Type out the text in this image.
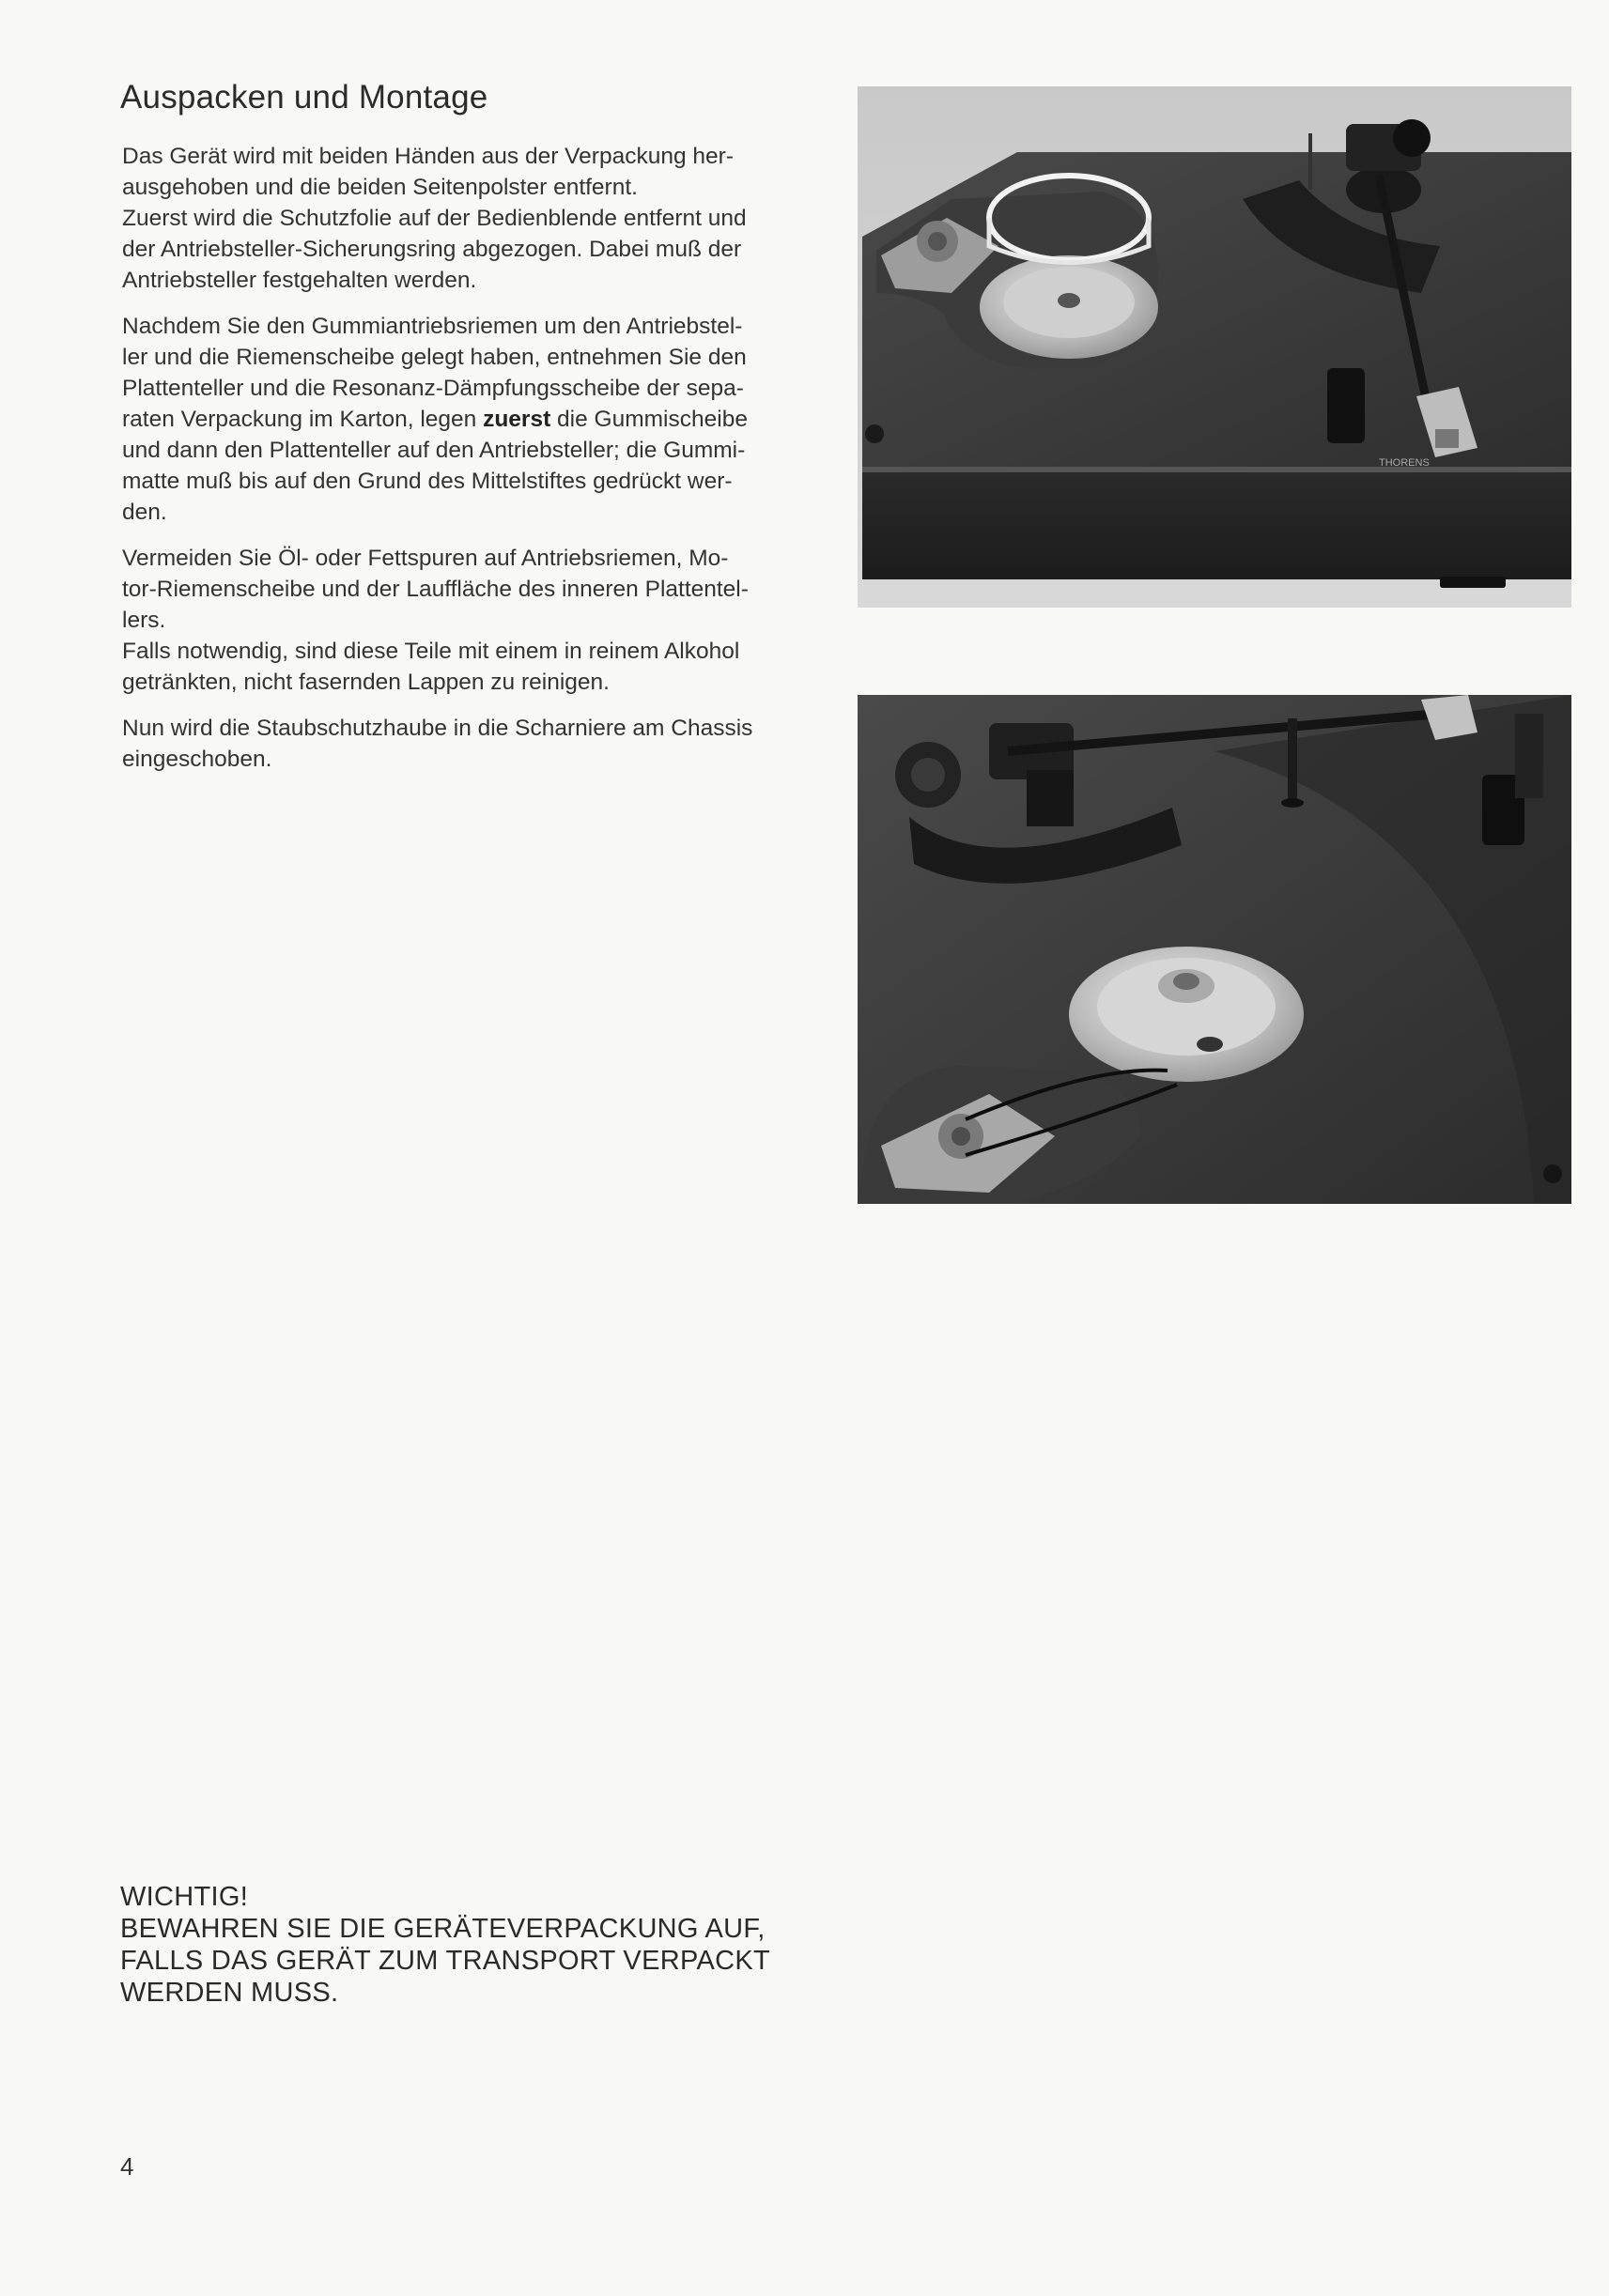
Auspacken und Montage

Das Gerät wird mit beiden Händen aus der Verpackung her-
ausgehoben und die beiden Seitenpolster entfernt.
Zuerst wird die Schutzfolie auf der Bedienblende entfernt und
der Antriebsteller-Sicherungsring abgezogen. Dabei muß der
Antriebsteller festgehalten werden.

Nachdem Sie den Gummiantriebsriemen um den Antriebstel-
ler und die Riemenscheibe gelegt haben, entnehmen Sie den
Plattenteller und die Resonanz-Dämpfungsscheibe der sepa-
raten Verpackung im Karton, legen zuerst die Gummischeibe
und dann den Plattenteller auf den Antriebsteller; die Gummi-
matte muß bis auf den Grund des Mittelstiftes gedrückt wer-
den.

Vermeiden Sie Öl- oder Fettspuren auf Antriebsriemen, Mo-
tor-Riemenscheibe und der Lauffläche des inneren Plattentel-
lers.
Falls notwendig, sind diese Teile mit einem in reinem Alkohol
getränkten, nicht fasernden Lappen zu reinigen.

Nun wird die Staubschutzhaube in die Scharniere am Chassis
eingeschoben.

THORENS
WICHTIG!
BEWAHREN SIE DIE GERÄTEVERPACKUNG AUF,
FALLS DAS GERÄT ZUM TRANSPORT VERPACKT
WERDEN MUSS.
4
